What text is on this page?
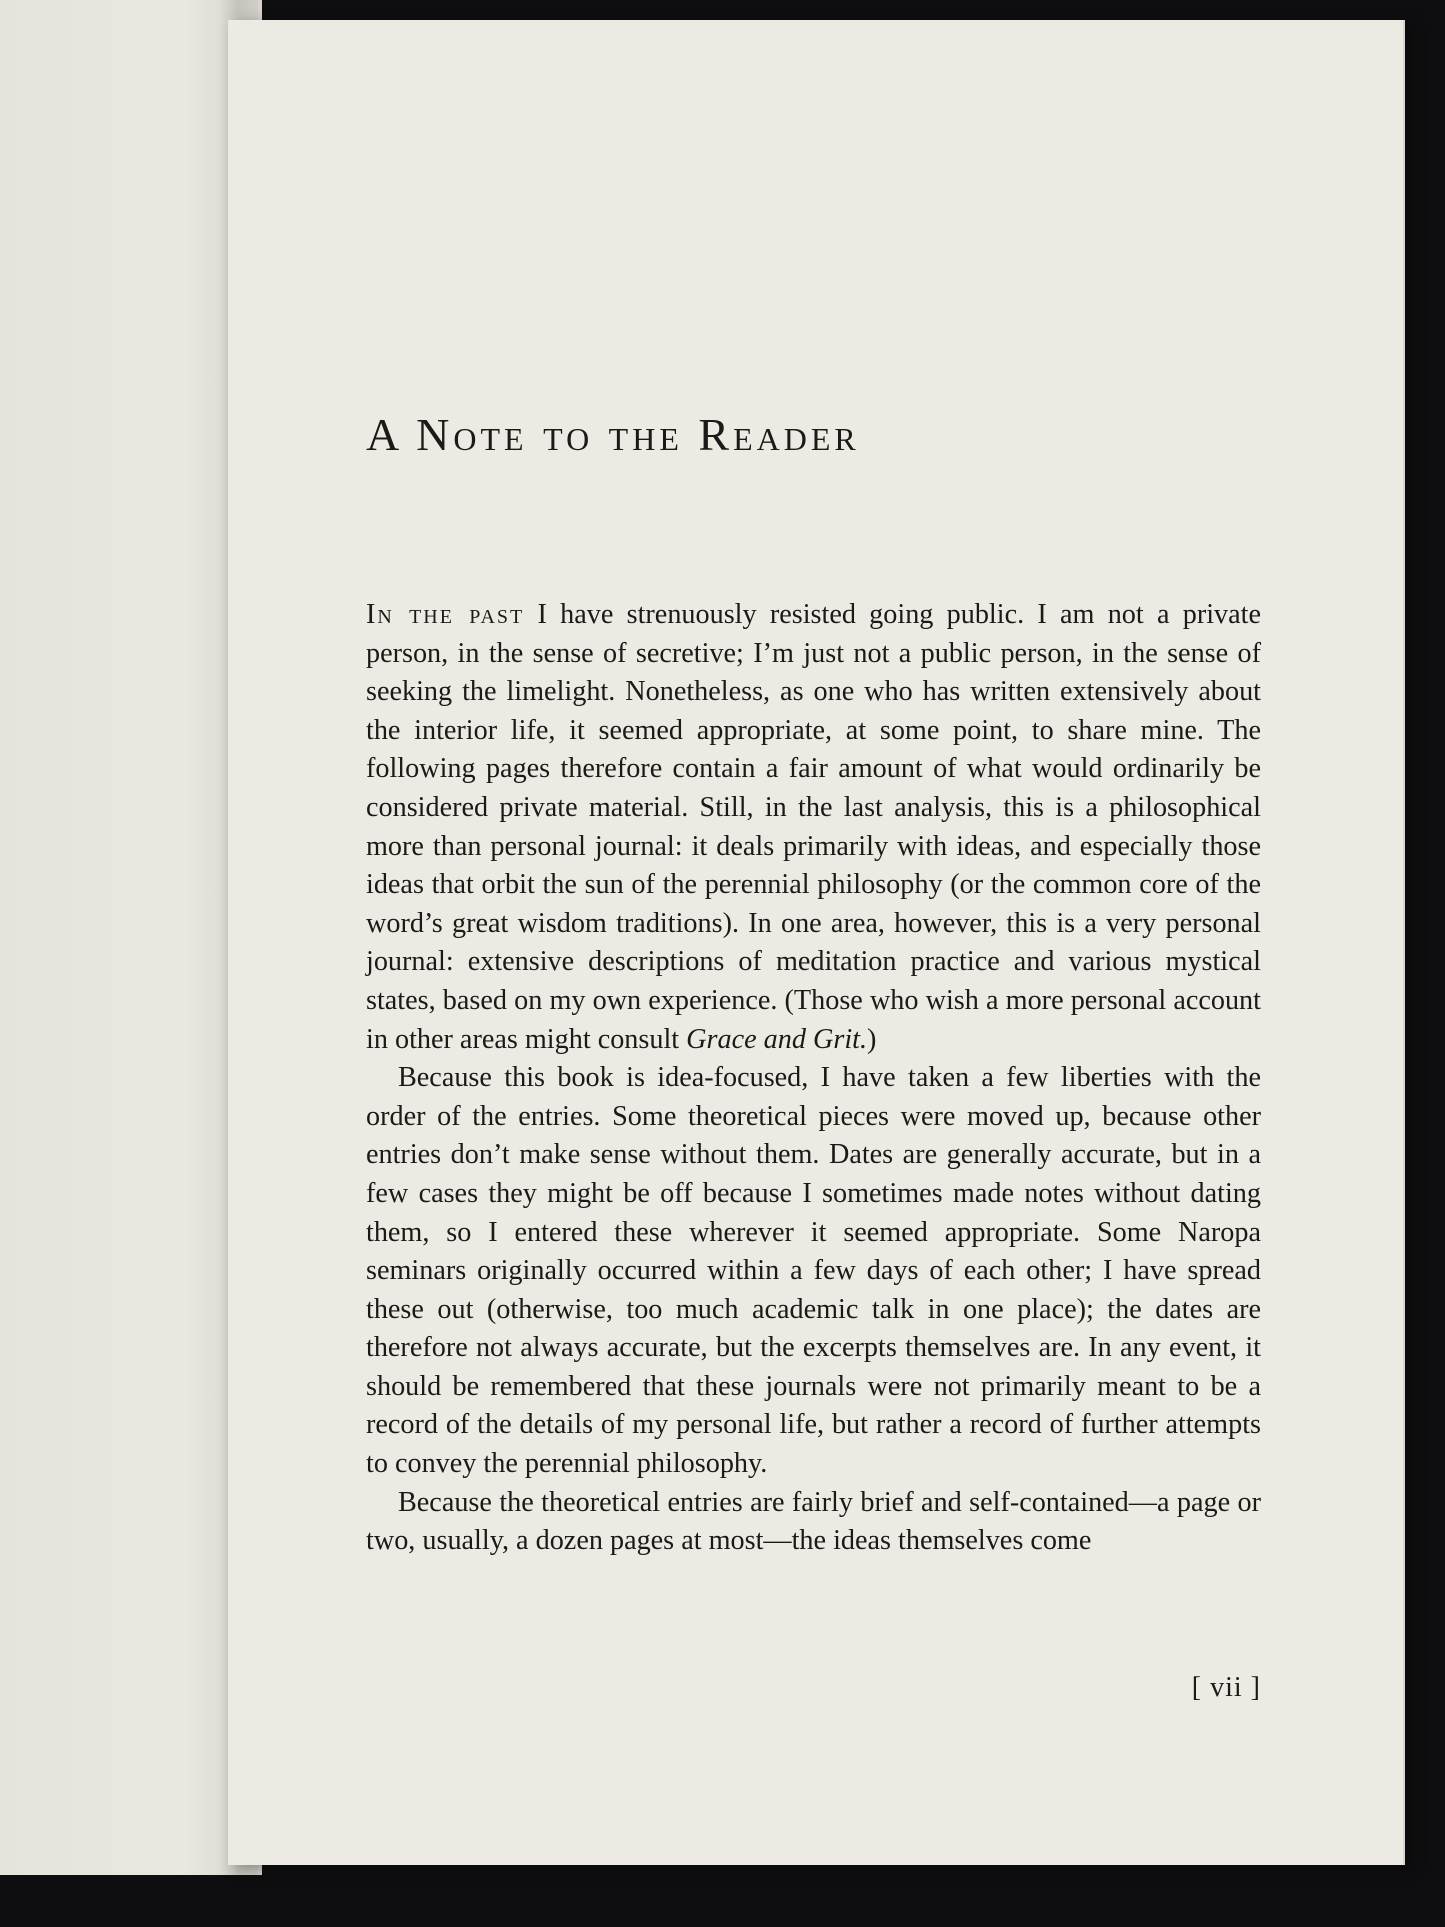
A Note to the Reader

In the past I have strenuously resisted going public. I am not a private person, in the sense of secretive; I’m just not a public person, in the sense of seeking the limelight. Nonetheless, as one who has written extensively about the interior life, it seemed appropriate, at some point, to share mine. The following pages therefore contain a fair amount of what would ordinarily be considered private material. Still, in the last analysis, this is a philosophical more than personal journal: it deals primarily with ideas, and especially those ideas that orbit the sun of the perennial philosophy (or the common core of the word’s great wisdom traditions). In one area, however, this is a very personal journal: extensive descriptions of meditation practice and various mystical states, based on my own experience. (Those who wish a more personal account in other areas might consult Grace and Grit.)

Because this book is idea-focused, I have taken a few liberties with the order of the entries. Some theoretical pieces were moved up, because other entries don’t make sense without them. Dates are generally accurate, but in a few cases they might be off because I sometimes made notes without dating them, so I entered these wherever it seemed appropriate. Some Naropa seminars originally occurred within a few days of each other; I have spread these out (otherwise, too much academic talk in one place); the dates are therefore not always accurate, but the excerpts themselves are. In any event, it should be remembered that these journals were not primarily meant to be a record of the details of my personal life, but rather a record of further attempts to convey the perennial philosophy.

Because the theoretical entries are fairly brief and self-contained—a page or two, usually, a dozen pages at most—the ideas themselves come

[ vii ]
